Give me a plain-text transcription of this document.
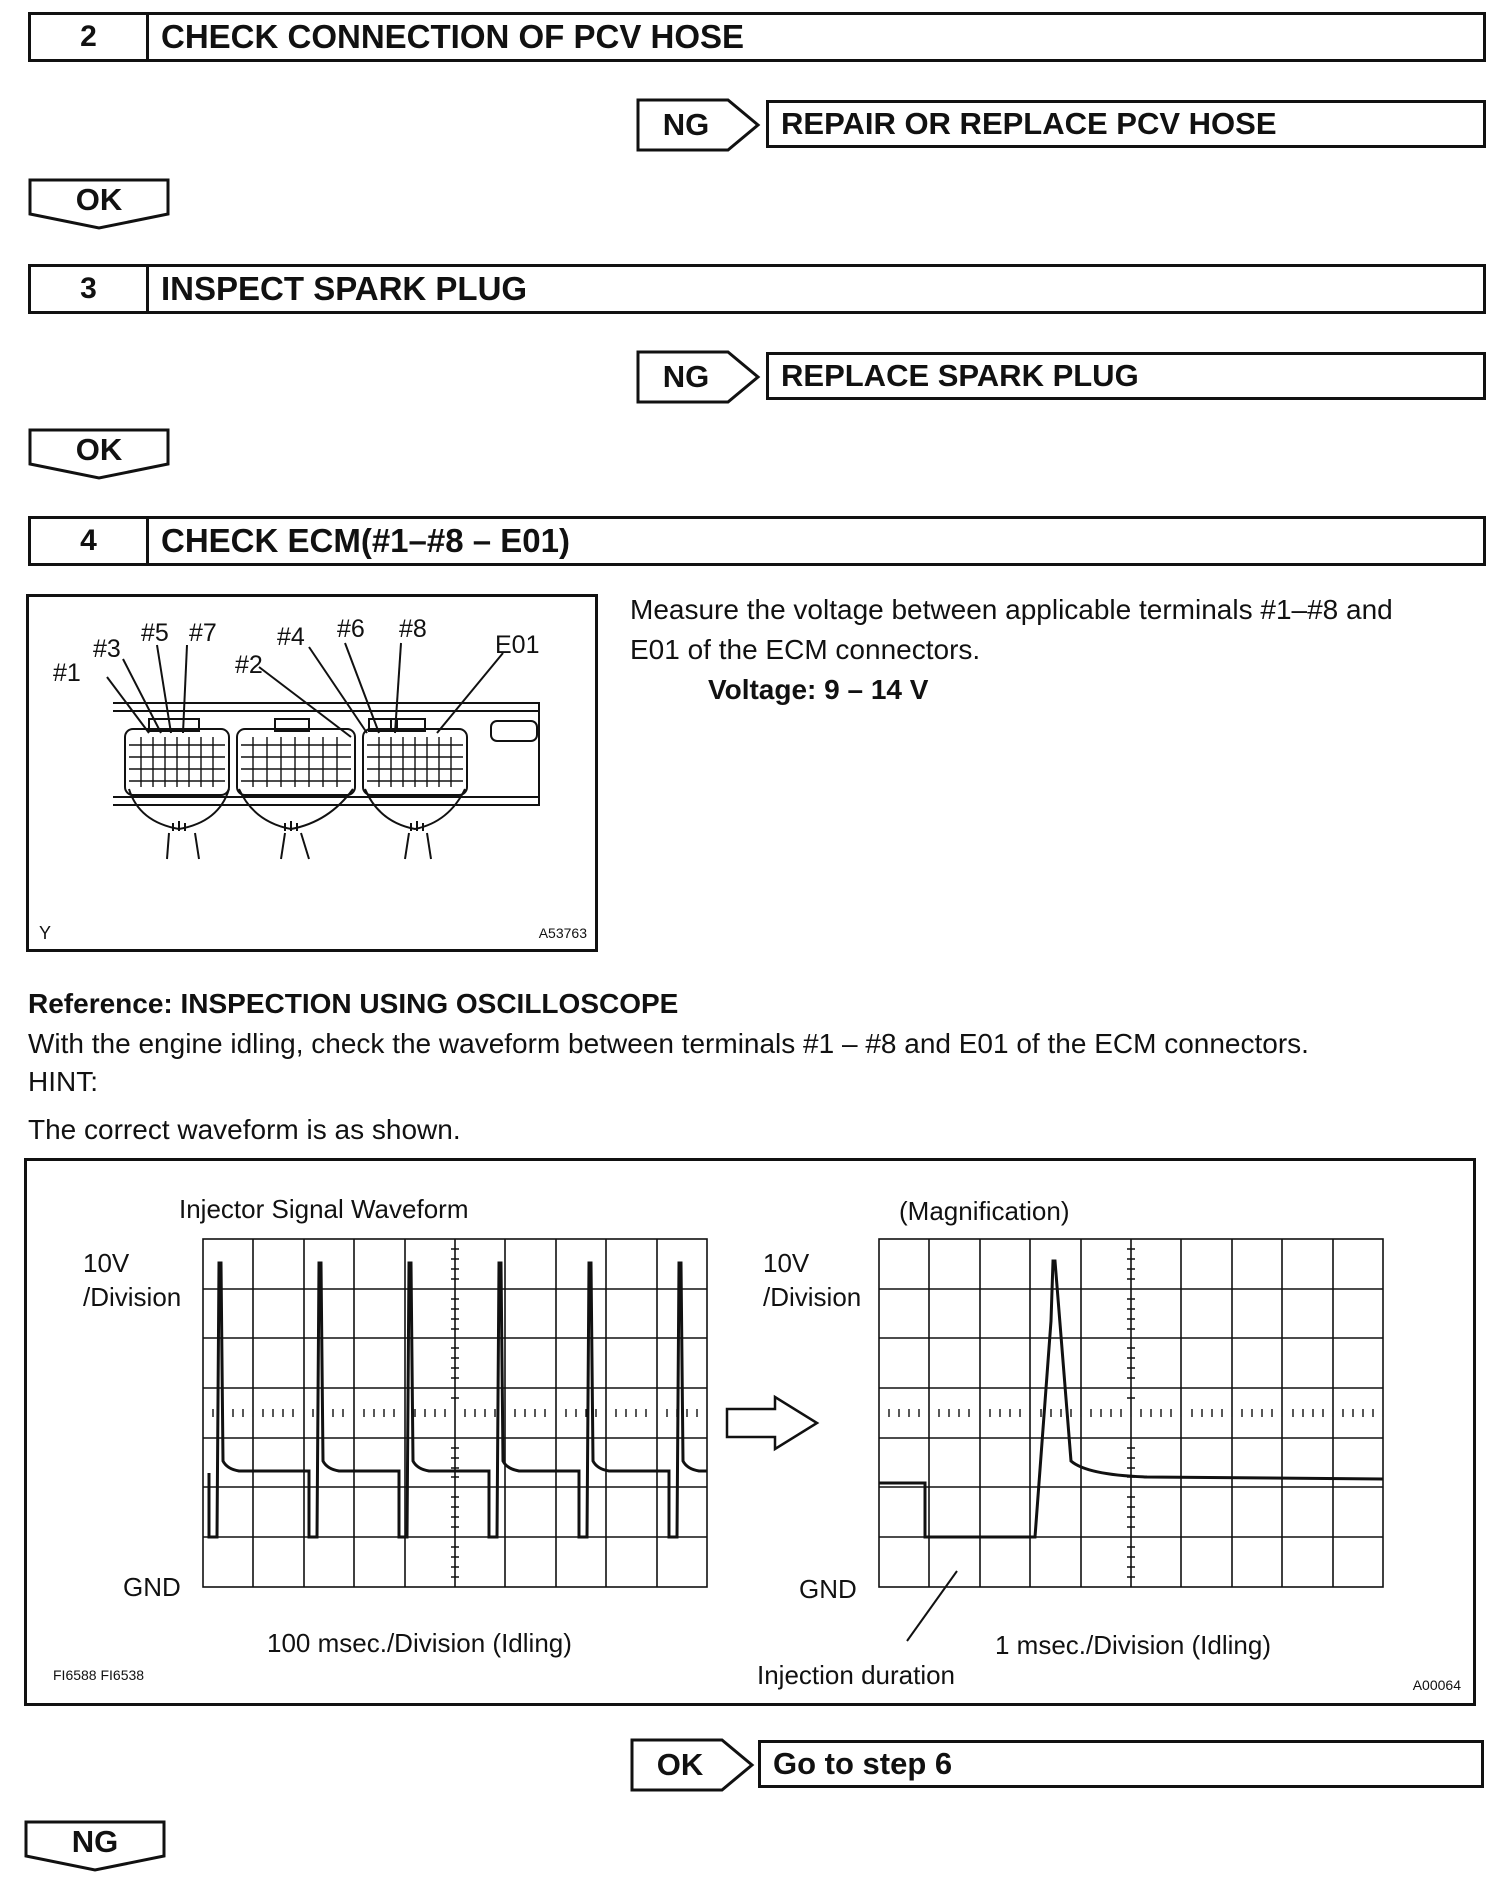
2	CHECK CONNECTION OF PCV HOSE
NG	REPAIR OR REPLACE PCV HOSE
OK
3	INSPECT SPARK PLUG
NG	REPLACE SPARK PLUG
OK
4	CHECK ECM(#1–#8 – E01)
#1
#3
#5 #7 #4 #6 #8
#2
E01
Y	A53763
Measure the voltage between applicable terminals #1–#8 and
E01 of the ECM connectors.
Voltage: 9 – 14 V
Reference: INSPECTION USING OSCILLOSCOPE
With the engine idling, check the waveform between terminals #1 – #8 and E01 of the ECM connectors.
HINT:
The correct waveform is as shown.
Injector Signal Waveform	(Magnification)
10V
/Division
10V
/Division
GND	GND
100 msec./Division (Idling)	1 msec./Division (Idling)
Injection duration
FI6588 FI6538
A00064
OK	Go to step 6
NG
